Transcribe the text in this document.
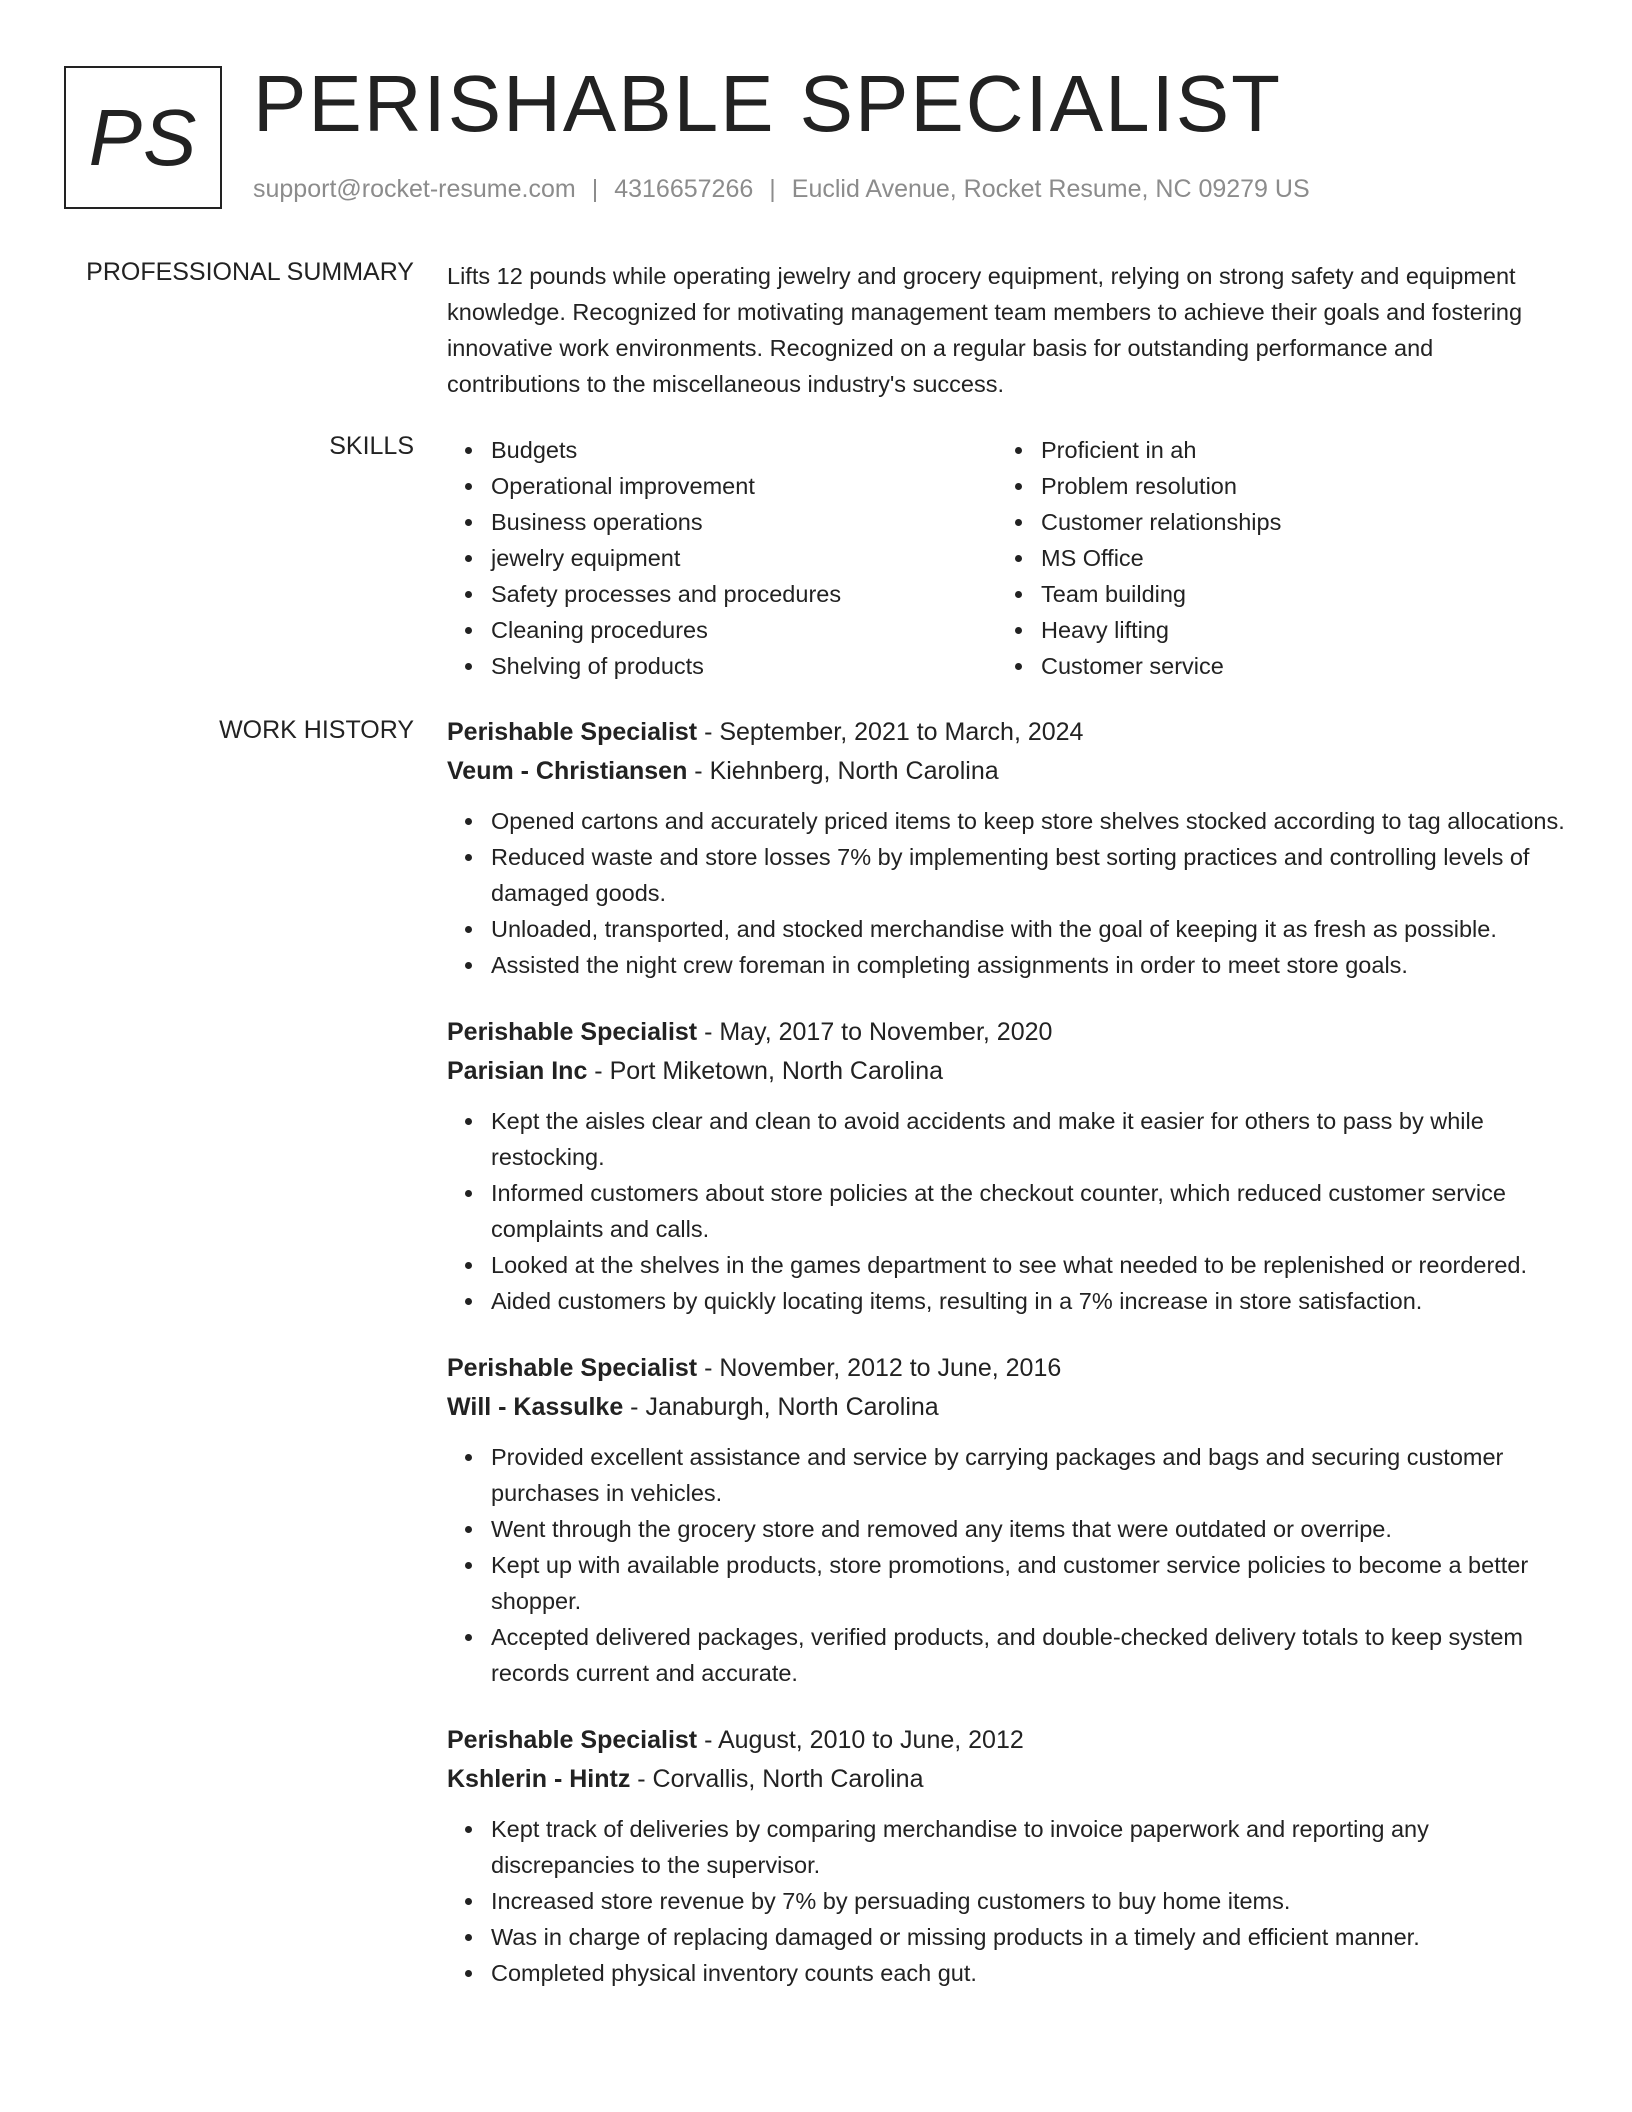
PS PERISHABLE SPECIALIST
support@rocket-resume.com | 4316657266 | Euclid Avenue, Rocket Resume, NC 09279 US
PROFESSIONAL SUMMARY Lifts 12 pounds while operating jewelry and grocery equipment, relying on strong safety and equipment knowledge. Recognized for motivating management team members to achieve their goals and fostering innovative work environments. Recognized on a regular basis for outstanding performance and contributions to the miscellaneous industry's success.
SKILLS	Budgets
Operational improvement
Business operations
jewelry equipment
Safety processes and procedures
Cleaning procedures
Shelving of products
Proficient in ah
Problem resolution
Customer relationships
MS Office
Team building
Heavy lifting
Customer service
WORK HISTORY Perishable Specialist - September, 2021 to March, 2024
Veum - Christiansen - Kiehnberg, North Carolina
Opened cartons and accurately priced items to keep store shelves stocked according to tag allocations.
Reduced waste and store losses 7% by implementing best sorting practices and controlling levels of damaged goods.
Unloaded, transported, and stocked merchandise with the goal of keeping it as fresh as possible.
Assisted the night crew foreman in completing assignments in order to meet store goals.
Perishable Specialist - May, 2017 to November, 2020
Parisian Inc - Port Miketown, North Carolina
Kept the aisles clear and clean to avoid accidents and make it easier for others to pass by while restocking.
Informed customers about store policies at the checkout counter, which reduced customer service complaints and calls.
Looked at the shelves in the games department to see what needed to be replenished or reordered.
Aided customers by quickly locating items, resulting in a 7% increase in store satisfaction.
Perishable Specialist - November, 2012 to June, 2016
Will - Kassulke - Janaburgh, North Carolina
Provided excellent assistance and service by carrying packages and bags and securing customer purchases in vehicles.
Went through the grocery store and removed any items that were outdated or overripe.
Kept up with available products, store promotions, and customer service policies to become a better shopper.
Accepted delivered packages, verified products, and double-checked delivery totals to keep system records current and accurate.
Perishable Specialist - August, 2010 to June, 2012
Kshlerin - Hintz - Corvallis, North Carolina
Kept track of deliveries by comparing merchandise to invoice paperwork and reporting any discrepancies to the supervisor.
Increased store revenue by 7% by persuading customers to buy home items.
Was in charge of replacing damaged or missing products in a timely and efficient manner.
Completed physical inventory counts each gut.
